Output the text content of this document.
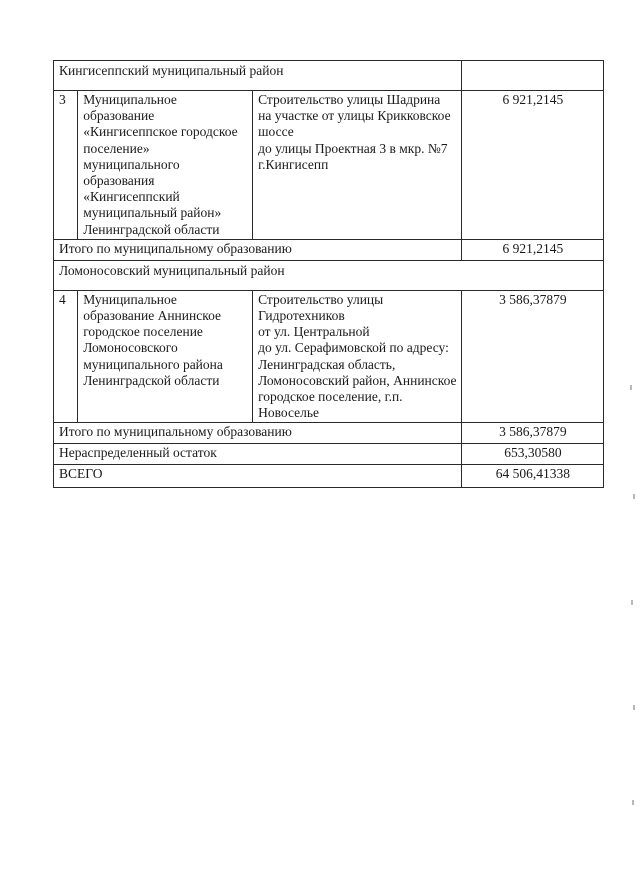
Кингисеппский муниципальный район			
3	Муниципальное образование «Кингисеппское городское поселение» муниципального образования «Кингисеппский муниципальный район» Ленинградской области	Строительство улицы Шадрина на участке от улицы Крикковское шоссе
до улицы Проектная 3 в мкр. №7 г.Кингисепп	6 921,2145
Итого по муниципальному образованию			6 921,2145
Ломоносовский муниципальный район			
4	Муниципальное образование Аннинское городское поселение Ломоносовского муниципального района Ленинградской области	Строительство улицы Гидротехников
от ул. Центральной
до ул. Серафимовской по адресу: Ленинградская область, Ломоносовский район, Аннинское городское поселение, г.п. Новоселье	3 586,37879
Итого по муниципальному образованию			3 586,37879
Нераспределенный остаток			653,30580
ВСЕГО			64 506,41338
